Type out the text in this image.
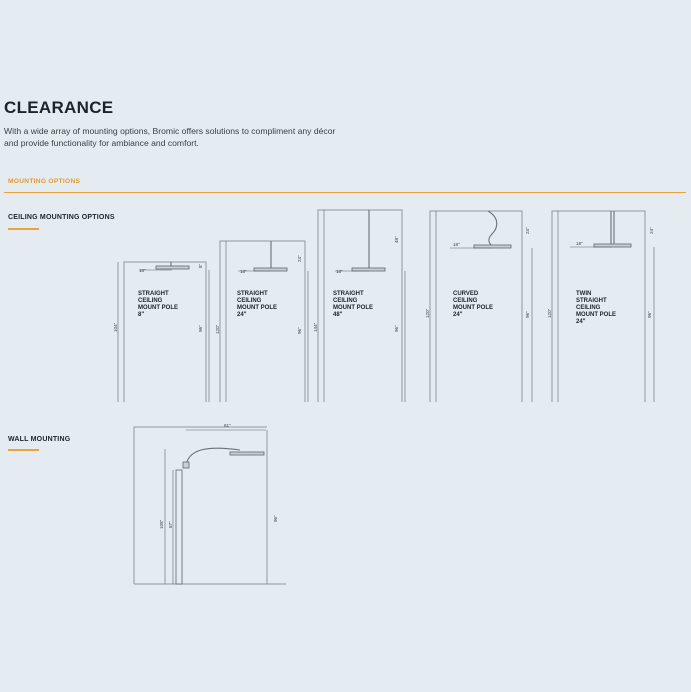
CLEARANCE

With a wide array of mounting options, Bromic offers solutions to compliment any décor and provide functionality for ambiance and comfort.

MOUNTING OPTIONS
CEILING MOUNTING OPTIONS
WALL MOUNTING
18"
8"
104"	96"
STRAIGHT
CEILING
MOUNT POLE
8"
18"
24"
120"	96"
STRAIGHT
CEILING
MOUNT POLE
24"
18"
48"
144"	96"
STRAIGHT
CEILING
MOUNT POLE
48"
18"
24"
120"	96"
CURVED
CEILING
MOUNT POLE
24"
18"
24"
120"	96"
TWIN
STRAIGHT
CEILING
MOUNT POLE
24"
61"
96"
108" 87"
